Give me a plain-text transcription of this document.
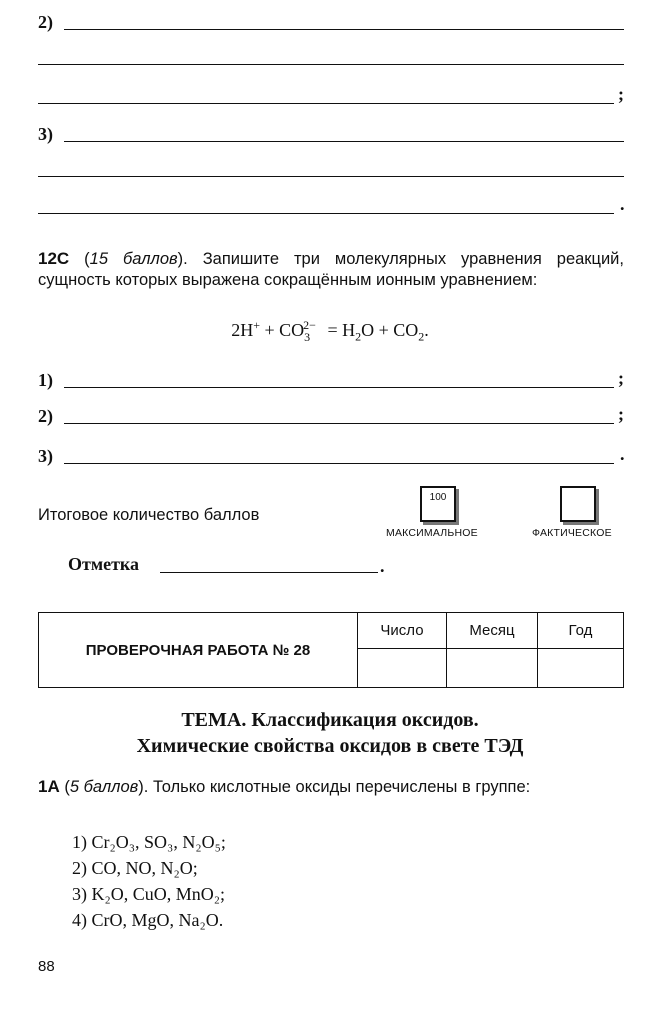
2)
;
3)
.
12C (15 баллов). Запишите три молекулярных уравнения реакций, сущность которых выражена сокращённым ионным уравнением:
$2H^+ + CO_3^{2-} = H_2O + CO_2$.
1)	;
2)	;
3)	.
Итоговое количество баллов
100
МАКСИМАЛЬНОЕ	ФАКТИЧЕСКОЕ
Отметка	.
ПРОВЕРОЧНАЯ РАБОТА № 28	Число	Месяц	Год

ТЕМА. Классификация оксидов.
Химические свойства оксидов в свете ТЭД
1А (5 баллов). Только кислотные оксиды перечислены в группе:
1) Cr₂O₃, SO₃, N₂O₅;
2) CO, NO, N₂O;
3) K₂O, CuO, MnO₂;
4) CrO, MgO, Na₂O.
88
